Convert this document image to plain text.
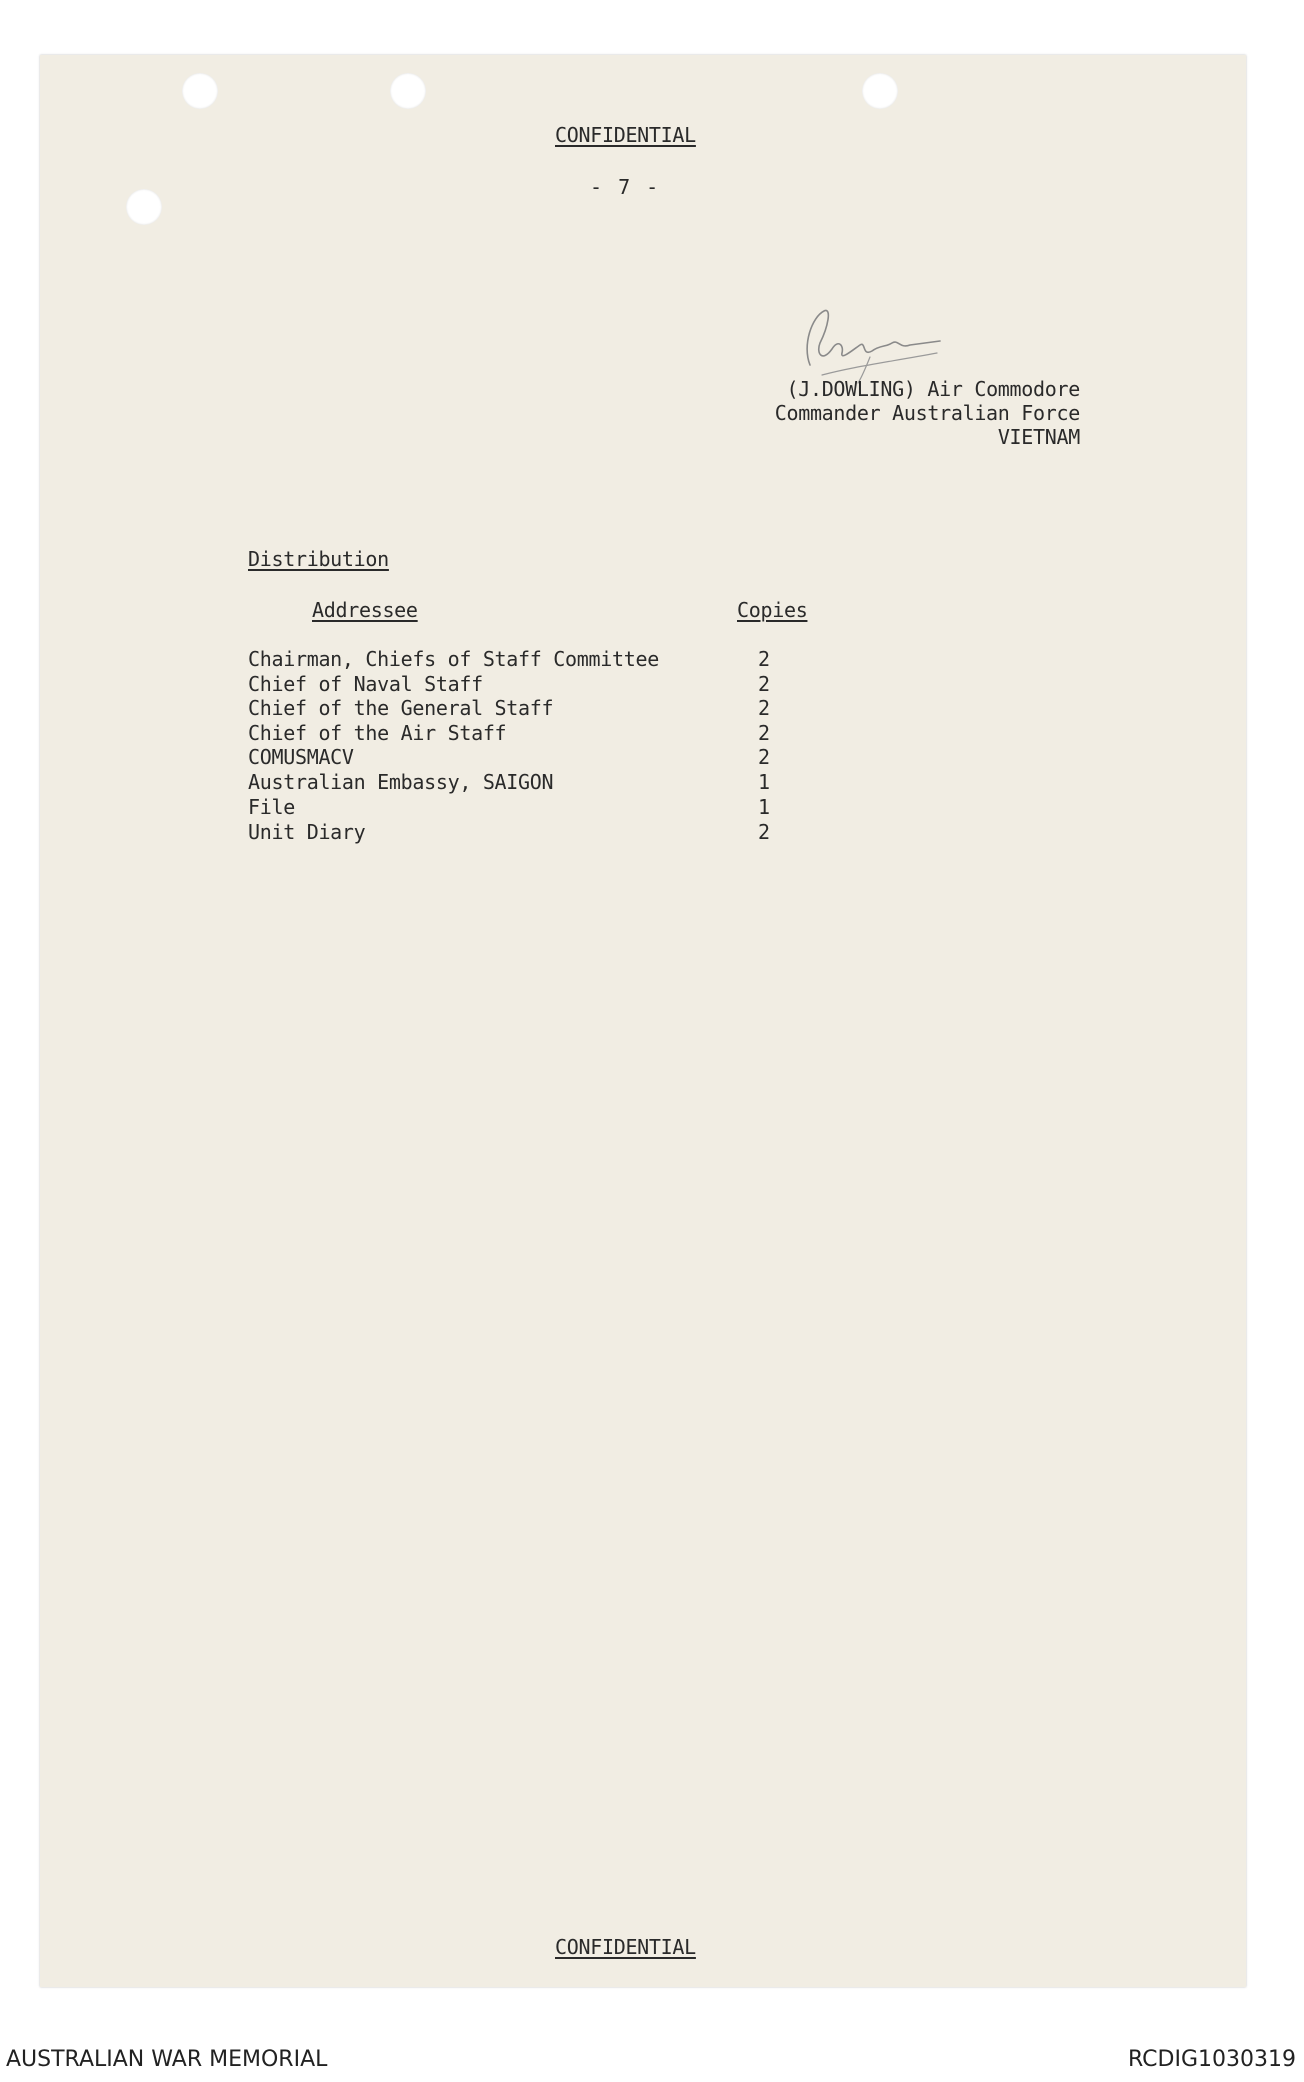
CONFIDENTIAL
- 7 -
(J.DOWLING) Air Commodore
Commander Australian Force
VIETNAM
Distribution
Addressee	Copies
Chairman, Chiefs of Staff Committee	2
Chief of Naval Staff	2
Chief of the General Staff	2
Chief of the Air Staff	2
COMUSMACV	2
Australian Embassy, SAIGON	1
File	1
Unit Diary	2
CONFIDENTIAL
AUSTRALIAN WAR MEMORIAL	RCDIG1030319
